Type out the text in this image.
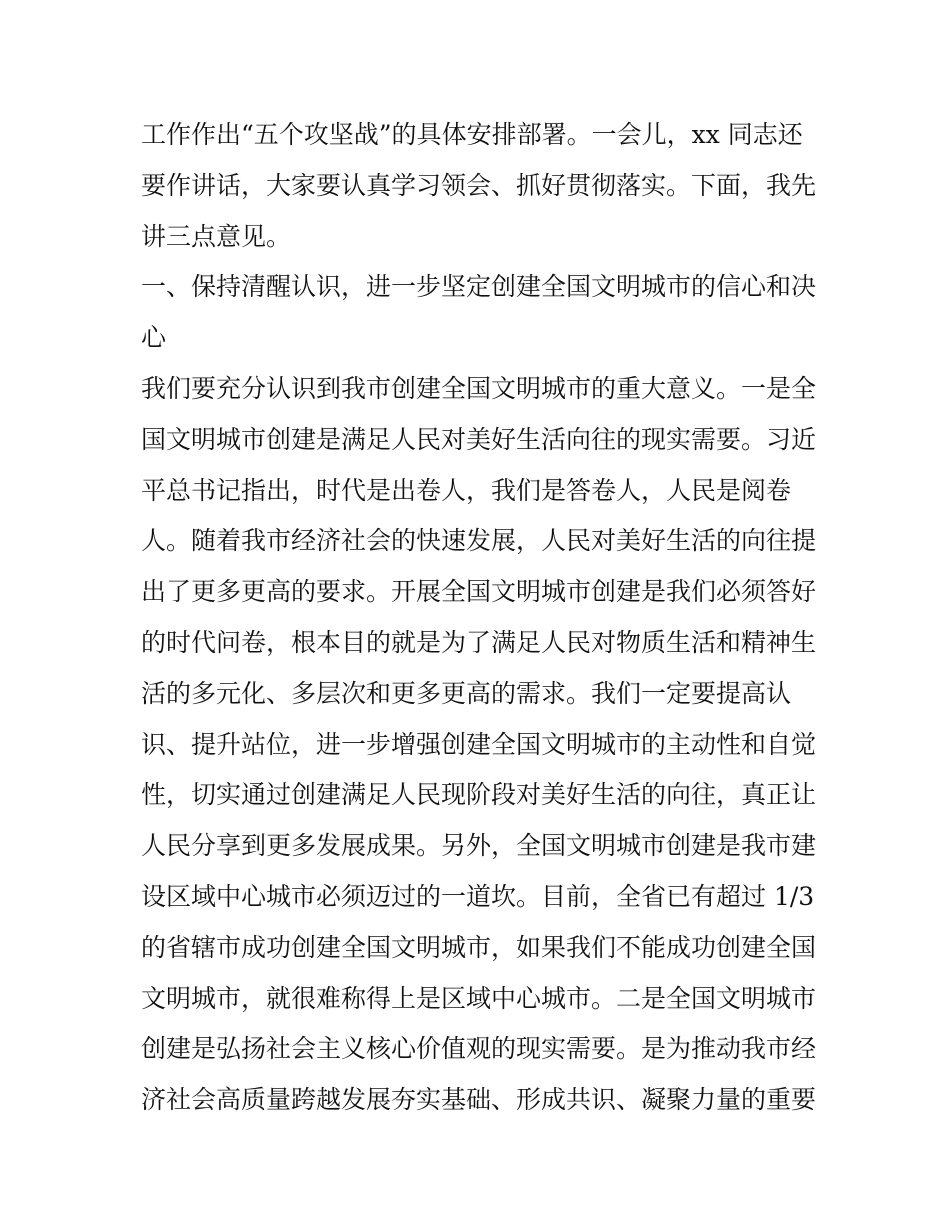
工作作出“五个攻坚战”的具体安排部署。一会儿，xx 同志还
要作讲话，大家要认真学习领会、抓好贯彻落实。下面，我先
讲三点意见。
一、保持清醒认识，进一步坚定创建全国文明城市的信心和决
心
我们要充分认识到我市创建全国文明城市的重大意义。一是全
国文明城市创建是满足人民对美好生活向往的现实需要。习近
平总书记指出，时代是出卷人，我们是答卷人，人民是阅卷
人。随着我市经济社会的快速发展，人民对美好生活的向往提
出了更多更高的要求。开展全国文明城市创建是我们必须答好
的时代问卷，根本目的就是为了满足人民对物质生活和精神生
活的多元化、多层次和更多更高的需求。我们一定要提高认
识、提升站位，进一步增强创建全国文明城市的主动性和自觉
性，切实通过创建满足人民现阶段对美好生活的向往，真正让
人民分享到更多发展成果。另外，全国文明城市创建是我市建
设区域中心城市必须迈过的一道坎。目前，全省已有超过 1/3
的省辖市成功创建全国文明城市，如果我们不能成功创建全国
文明城市，就很难称得上是区域中心城市。二是全国文明城市
创建是弘扬社会主义核心价值观的现实需要。是为推动我市经
济社会高质量跨越发展夯实基础、形成共识、凝聚力量的重要
